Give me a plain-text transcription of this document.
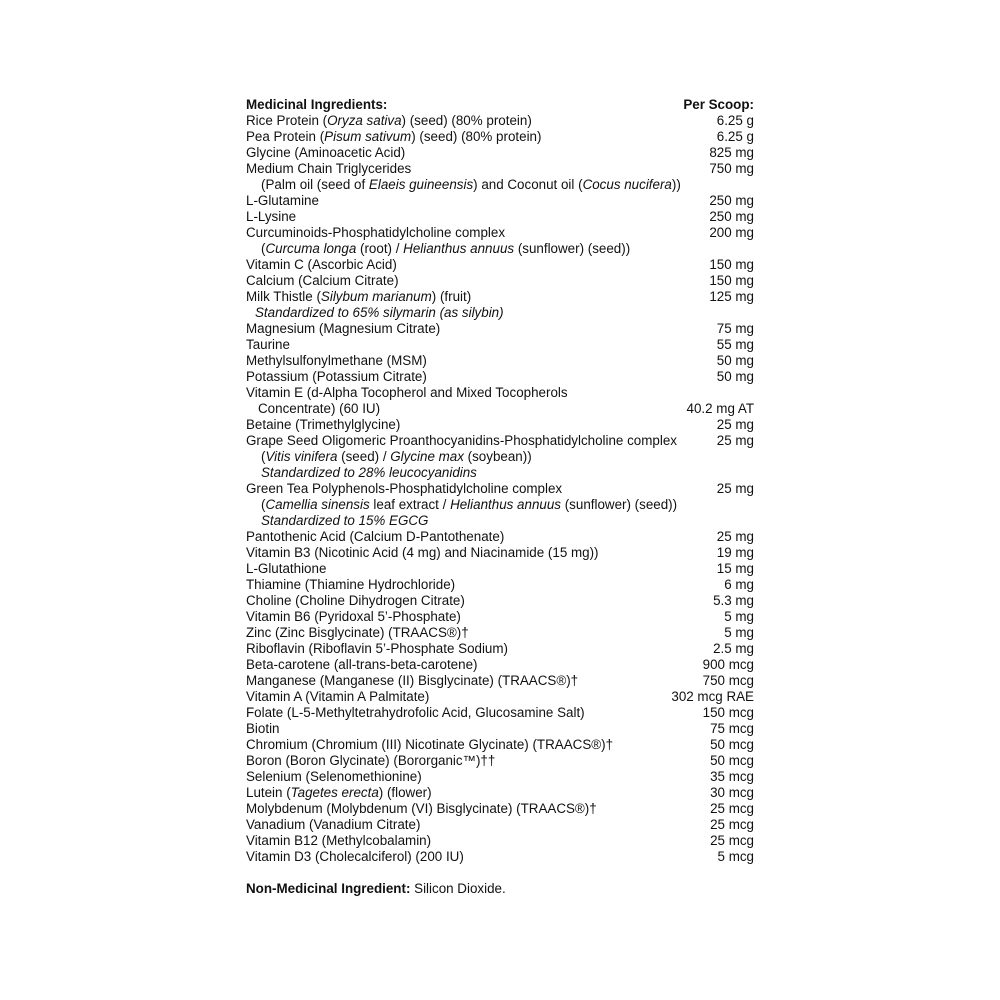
Medicinal Ingredients:	Per Scoop:
Rice Protein (Oryza sativa) (seed) (80% protein)	6.25 g
Pea Protein (Pisum sativum) (seed) (80% protein)	6.25 g
Glycine (Aminoacetic Acid)	825 mg
Medium Chain Triglycerides	750 mg
(Palm oil (seed of Elaeis guineensis) and Coconut oil (Cocus nucifera))
L-Glutamine	250 mg
L-Lysine	250 mg
Curcuminoids-Phosphatidylcholine complex	200 mg
(Curcuma longa (root) / Helianthus annuus (sunflower) (seed))
Vitamin C (Ascorbic Acid)	150 mg
Calcium (Calcium Citrate)	150 mg
Milk Thistle (Silybum marianum) (fruit)	125 mg
Standardized to 65% silymarin (as silybin)
Magnesium (Magnesium Citrate)	75 mg
Taurine	55 mg
Methylsulfonylmethane (MSM)	50 mg
Potassium (Potassium Citrate)	50 mg
Vitamin E (d-Alpha Tocopherol and Mixed Tocopherols
Concentrate) (60 IU)	40.2 mg AT
Betaine (Trimethylglycine)	25 mg
Grape Seed Oligomeric Proanthocyanidins-Phosphatidylcholine complex	25 mg
(Vitis vinifera (seed) / Glycine max (soybean))
Standardized to 28% leucocyanidins
Green Tea Polyphenols-Phosphatidylcholine complex	25 mg
(Camellia sinensis leaf extract / Helianthus annuus (sunflower) (seed))
Standardized to 15% EGCG
Pantothenic Acid (Calcium D-Pantothenate)	25 mg
Vitamin B3 (Nicotinic Acid (4 mg) and Niacinamide (15 mg))	19 mg
L-Glutathione	15 mg
Thiamine (Thiamine Hydrochloride)	6 mg
Choline (Choline Dihydrogen Citrate)	5.3 mg
Vitamin B6 (Pyridoxal 5’-Phosphate)	5 mg
Zinc (Zinc Bisglycinate) (TRAACS®)†	5 mg
Riboflavin (Riboflavin 5’-Phosphate Sodium)	2.5 mg
Beta-carotene (all-trans-beta-carotene)	900 mcg
Manganese (Manganese (II) Bisglycinate) (TRAACS®)†	750 mcg
Vitamin A (Vitamin A Palmitate)	302 mcg RAE
Folate (L-5-Methyltetrahydrofolic Acid, Glucosamine Salt)	150 mcg
Biotin	75 mcg
Chromium (Chromium (III) Nicotinate Glycinate) (TRAACS®)†	50 mcg
Boron (Boron Glycinate) (Bororganic™)††	50 mcg
Selenium (Selenomethionine)	35 mcg
Lutein (Tagetes erecta) (flower)	30 mcg
Molybdenum (Molybdenum (VI) Bisglycinate) (TRAACS®)†	25 mcg
Vanadium (Vanadium Citrate)	25 mcg
Vitamin B12 (Methylcobalamin)	25 mcg
Vitamin D3 (Cholecalciferol) (200 IU)	5 mcg
Non-Medicinal Ingredient: Silicon Dioxide.
